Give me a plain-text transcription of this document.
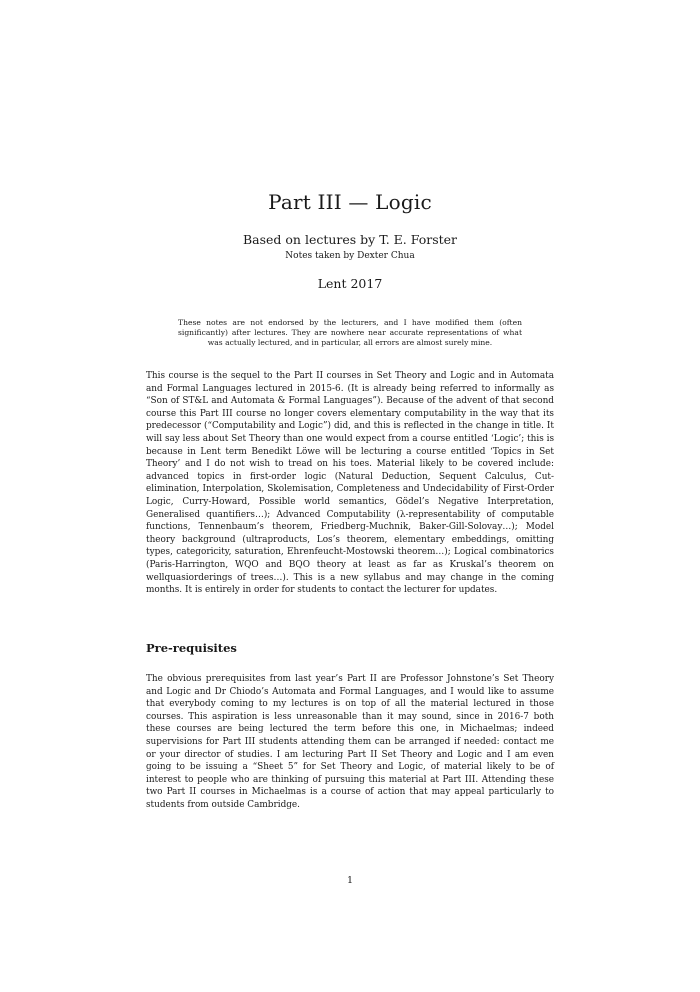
Part III — Logic
Based on lectures by T. E. Forster
Notes taken by Dexter Chua
Lent 2017
These notes are not endorsed by the lecturers, and I have modified them (often significantly) after lectures. They are nowhere near accurate representations of what was actually lectured, and in particular, all errors are almost surely mine.
This course is the sequel to the Part II courses in Set Theory and Logic and in Automata and Formal Languages lectured in 2015-6. (It is already being referred to informally as “Son of ST&L and Automata & Formal Languages”). Because of the advent of that second course this Part III course no longer covers elementary computability in the way that its predecessor (“Computability and Logic”) did, and this is reflected in the change in title. It will say less about Set Theory than one would expect from a course entitled ‘Logic’; this is because in Lent term Benedikt Löwe will be lecturing a course entitled ‘Topics in Set Theory’ and I do not wish to tread on his toes. Material likely to be covered include: advanced topics in first-order logic (Natural Deduction, Sequent Calculus, Cut-elimination, Interpolation, Skolemisation, Completeness and Undecidability of First-Order Logic, Curry-Howard, Possible world semantics, Gödel’s Negative Interpretation, Generalised quantifiers…); Advanced Computability (λ-representability of computable functions, Tennenbaum’s theorem, Friedberg-Muchnik, Baker-Gill-Solovay…); Model theory background (ultraproducts, Los’s theorem, elementary embeddings, omitting types, categoricity, saturation, Ehrenfeucht-Mostowski theorem…); Logical combinatorics (Paris-Harrington, WQO and BQO theory at least as far as Kruskal’s theorem on wellquasiorderings of trees…). This is a new syllabus and may change in the coming months. It is entirely in order for students to contact the lecturer for updates.
Pre-requisites
The obvious prerequisites from last year’s Part II are Professor Johnstone’s Set Theory and Logic and Dr Chiodo’s Automata and Formal Languages, and I would like to assume that everybody coming to my lectures is on top of all the material lectured in those courses. This aspiration is less unreasonable than it may sound, since in 2016-7 both these courses are being lectured the term before this one, in Michaelmas; indeed supervisions for Part III students attending them can be arranged if needed: contact me or your director of studies. I am lecturing Part II Set Theory and Logic and I am even going to be issuing a “Sheet 5” for Set Theory and Logic, of material likely to be of interest to people who are thinking of pursuing this material at Part III. Attending these two Part II courses in Michaelmas is a course of action that may appeal particularly to students from outside Cambridge.
1
